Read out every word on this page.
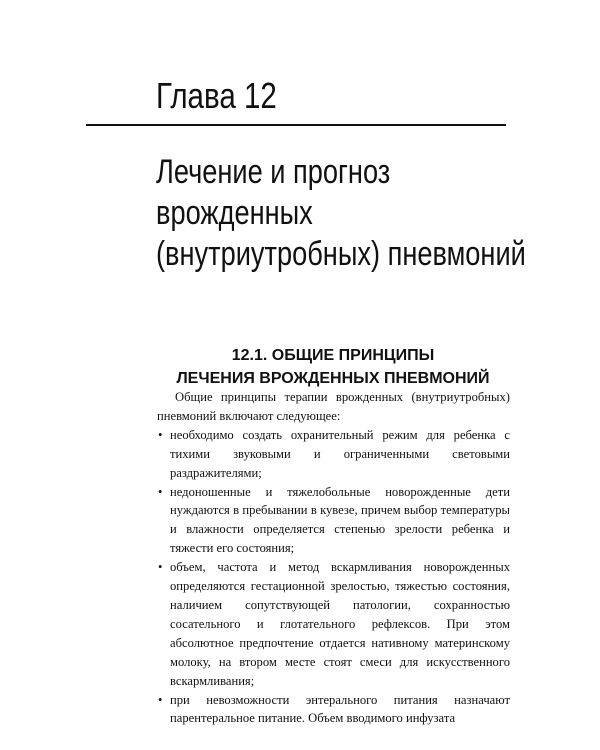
Глава 12
Лечение и прогноз
врожденных
(внутриутробных) пневмоний
12.1. ОБЩИЕ ПРИНЦИПЫ
ЛЕЧЕНИЯ ВРОЖДЕННЫХ ПНЕВМОНИЙ

Общие принципы терапии врожденных (внутриутробных) пневмоний включают следующее:

• необходимо создать охранительный режим для ребенка с тихими звуковыми и ограниченными световыми раздражителями;
• недоношенные и тяжелобольные новорожденные дети нуждаются в пребывании в кувезе, причем выбор температуры и влажности определяется степенью зрелости ребенка и тяжести его состояния;
• объем, частота и метод вскармливания новорожденных определяются гестационной зрелостью, тяжестью состояния, наличием сопутствующей патологии, сохранностью сосательного и глотательного рефлексов. При этом абсолютное предпочтение отдается нативному материнскому молоку, на втором месте стоят смеси для искусственного вскармливания;
• при невозможности энтерального питания назначают парентеральное питание. Объем вводимого инфузата
